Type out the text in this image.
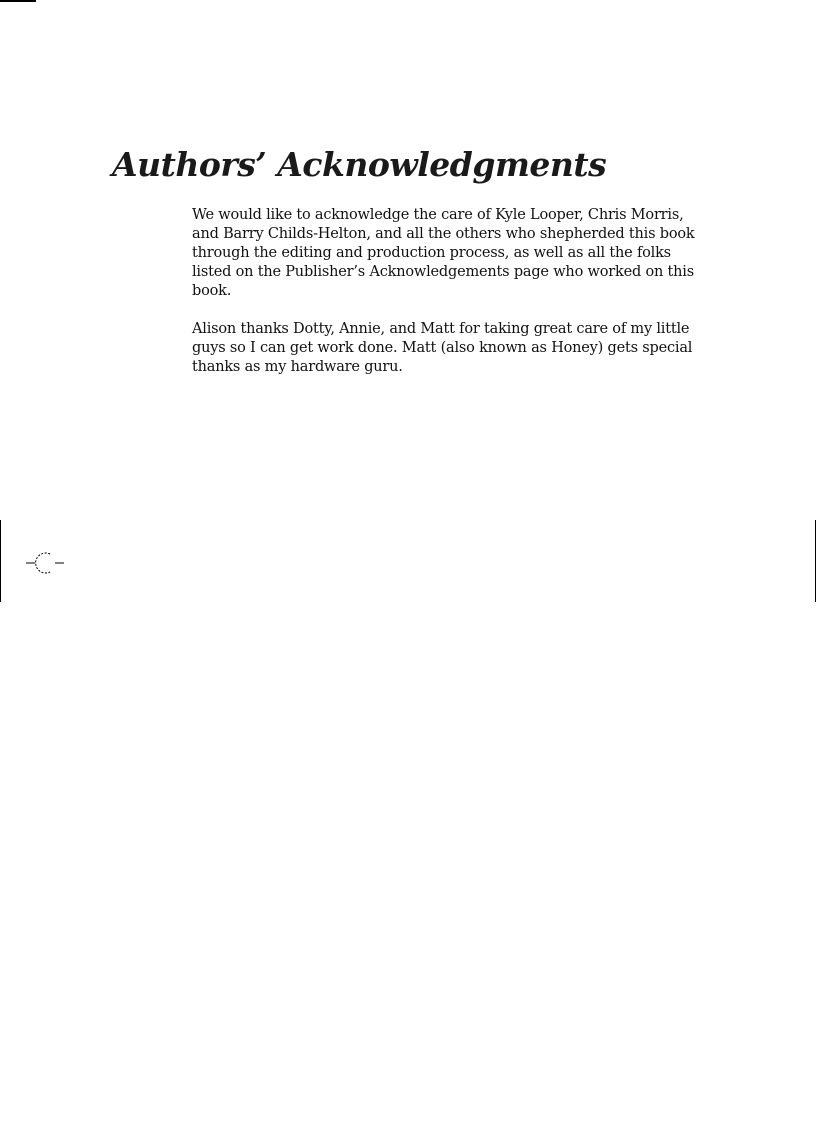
Authors’ Acknowledgments

We would like to acknowledge the care of Kyle Looper, Chris Morris, and Barry Childs-Helton, and all the others who shepherded this book through the editing and production process, as well as all the folks listed on the Publisher’s Acknowledgements page who worked on this book.

Alison thanks Dotty, Annie, and Matt for taking great care of my little guys so I can get work done. Matt (also known as Honey) gets special thanks as my hardware guru.
